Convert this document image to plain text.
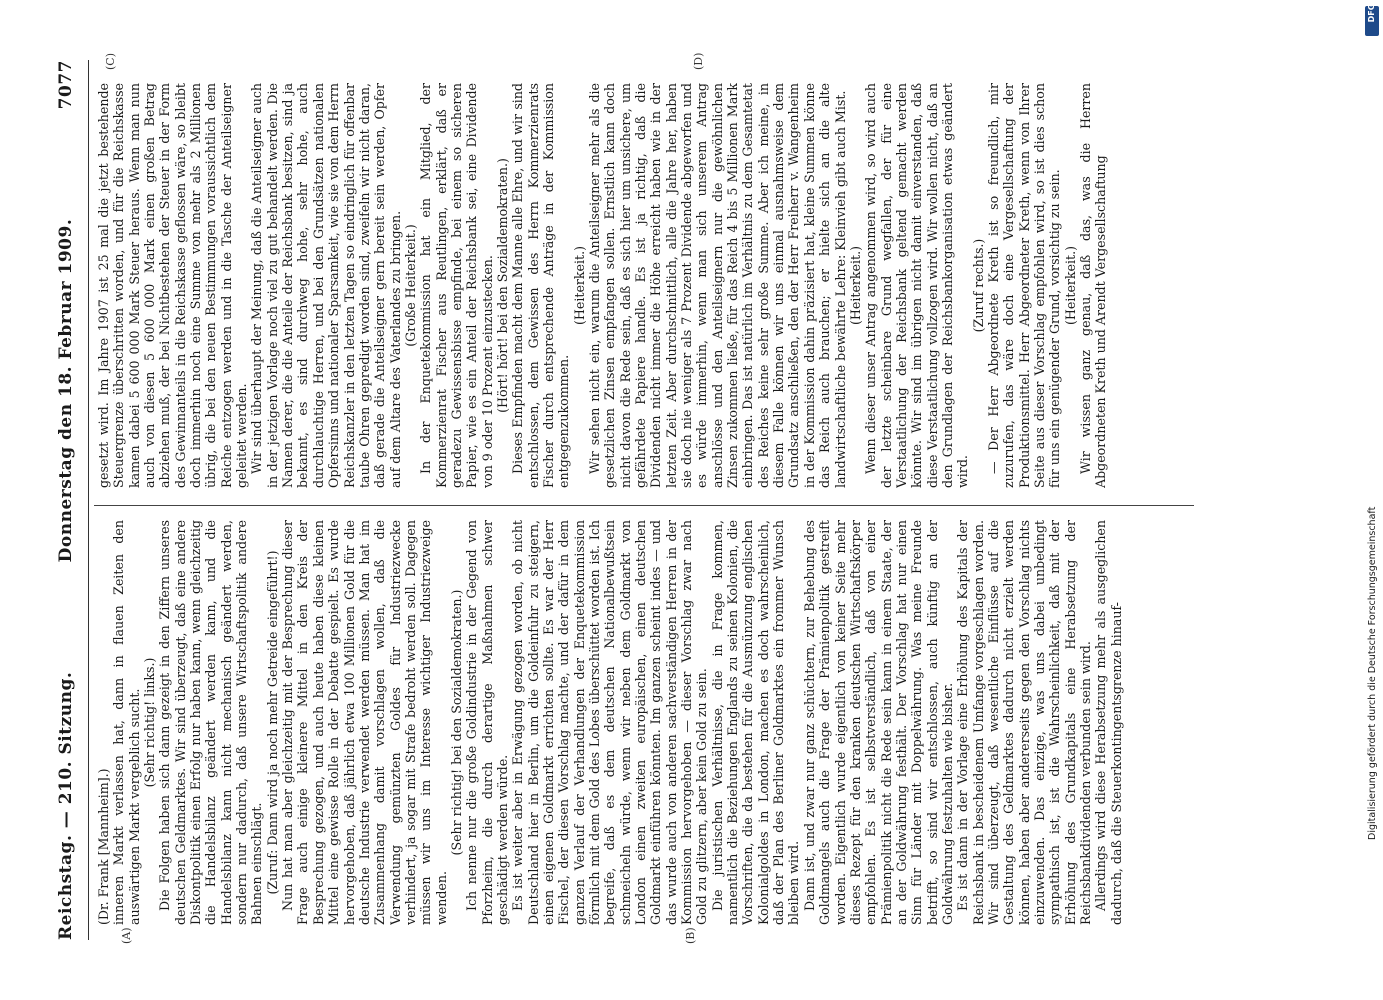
Reichstag. — 210. Sitzung.
Donnerstag den 18. Februar 1909.
7077
(A)	(B)
(C)	(D)

(Dr. Frank [Mannheim].) inneren Markt verlassen hat, dann in flauen Zeiten den auswärtigen Markt vergeblich sucht. (Sehr richtig! links.) Die Folgen haben sich dann gezeigt in den Ziffern unseres deutschen Geldmarktes. Wir sind überzeugt, daß eine andere Diskontpolitik einen Erfolg nur haben kann, wenn gleichzeitig die Handelsbilanz geändert werden kann, und die Handelsbilanz kann nicht mechanisch geändert werden, sondern nur dadurch, daß unsere Wirtschaftspolitik andere Bahnen einschlägt. (Zuruf: Dann wird ja noch mehr Getreide eingeführt!) Nun hat man aber gleichzeitig mit der Besprechung dieser Frage auch einige kleinere Mittel in den Kreis der Besprechung gezogen, und auch heute haben diese kleinen Mittel eine gewisse Rolle in der Debatte gespielt. Es wurde hervorgehoben, daß jährlich etwa 100 Millionen Gold für die deutsche Industrie verwendet werden müssen. Man hat im Zusammenhang damit vorschlagen wollen, daß die Verwendung gemünzten Goldes für Industriezwecke verhindert, ja sogar mit Strafe bedroht werden soll. Dagegen müssen wir uns im Interesse wichtiger Industriezweige wenden.

(Sehr richtig! bei den Sozialdemokraten.) Ich nenne nur die große Goldindustrie in der Gegend von Pforzheim, die durch derartige Maßnahmen schwer geschädigt werden würde. Es ist weiter aber in Erwägung gezogen worden, ob nicht Deutschland hier in Berlin, um die Goldeinfuhr zu steigern, einen eigenen Goldmarkt errichten sollte. Es war der Herr Fischel, der diesen Vorschlag machte, und der dafür in dem ganzen Verlauf der Verhandlungen der Enquetekommission förmlich mit dem Gold des Lobes überschüttet worden ist. Ich begreife, daß es dem deutschen Nationalbewußtsein schmeicheln würde, wenn wir neben dem Goldmarkt von London einen zweiten europäischen, einen deutschen Goldmarkt einführen könnten. Im ganzen scheint indes — und das wurde auch von anderen sachverständigen Herren in der Kommission hervorgehoben — dieser Vorschlag zwar nach Gold zu glitzern, aber kein Gold zu sein. Die juristischen Verhältnisse, die in Frage kommen, namentlich die Beziehungen Englands zu seinen Kolonien, die Vorschriften, die da bestehen für die Ausmünzung englischen Kolonialgoldes in London, machen es doch wahrscheinlich, daß der Plan des Berliner Goldmarktes ein frommer Wunsch bleiben wird. Dann ist, und zwar nur ganz schüchtern, zur Behebung des Goldmangels auch die Frage der Prämienpolitik gestreift worden. Eigentlich wurde eigentlich von keiner Seite mehr dieses Rezept für den kranken deutschen Wirtschaftskörper empfohlen. Es ist selbstverständlich, daß von einer Prämienpolitik nicht die Rede sein kann in einem Staate, der an der Goldwährung festhält. Der Vorschlag hat nur einen Sinn für Länder mit Doppelwährung. Was meine Freunde betrifft, so sind wir entschlossen, auch künftig an der Goldwährung festzuhalten wie bisher. Es ist dann in der Vorlage eine Erhöhung des Kapitals der Reichsbank in bescheidenem Umfange vorgeschlagen worden. Wir sind überzeugt, daß wesentliche Einflüsse auf die Gestaltung des Geldmarktes dadurch nicht erzielt werden können, haben aber andererseits gegen den Vorschlag nichts einzuwenden. Das einzige, was uns dabei unbedingt sympathisch ist, ist die Wahrscheinlichkeit, daß mit der Erhöhung des Grundkapitals eine Herabsetzung der Reichsbankdividenden verbunden sein wird. Allerdings wird diese Herabsetzung mehr als ausgeglichen dadurch, daß die Steuerkontingentsgrenze hinauf-

gesetzt wird. Im Jahre 1907 ist 25 mal die jetzt bestehende Steuergrenze überschritten worden, und für die Reichskasse kamen dabei 5 600 000 Mark Steuer heraus. Wenn man nun auch von diesen 5 600 000 Mark einen großen Betrag abziehen muß, der bei Nichtbestehen der Steuer in der Form des Gewinnanteils in die Reichskasse geflossen wäre, so bleibt doch immerhin noch eine Summe von mehr als 2 Millionen übrig, die bei den neuen Bestimmungen voraussichtlich dem Reiche entzogen werden und in die Tasche der Anteilseigner geleitet werden. Wir sind überhaupt der Meinung, daß die Anteilseigner auch in der jetzigen Vorlage noch viel zu gut behandelt werden. Die Namen derer, die die Anteile der Reichsbank besitzen, sind ja bekannt, es sind durchweg hohe, sehr hohe, auch durchlauchtige Herren, und bei den Grundsätzen nationalen Opfersinns und nationaler Sparsamkeit, wie sie von dem Herrn Reichskanzler in den letzten Tagen so eindringlich für offenbar taube Ohren gepredigt worden sind, zweifeln wir nicht daran, daß gerade die Anteilseigner gern bereit sein werden, Opfer auf dem Altare des Vaterlandes zu bringen. (Große Heiterkeit.) In der Enquetekommission hat ein Mitglied, der Kommerzienrat Fischer aus Reutlingen, erklärt, daß er geradezu Gewissensbisse empfinde, bei einem so sicheren Papier, wie es ein Anteil der Reichsbank sei, eine Dividende von 9 oder 10 Prozent einzustecken. (Hört! hört! bei den Sozialdemokraten.) Dieses Empfinden macht dem Manne alle Ehre, und wir sind entschlossen, dem Gewissen des Herrn Kommerzienrats Fischer durch entsprechende Anträge in der Kommission entgegenzukommen.

(Heiterkeit.) Wir sehen nicht ein, warum die Anteilseigner mehr als die gesetzlichen Zinsen empfangen sollen. Ernstlich kann doch nicht davon die Rede sein, daß es sich hier um unsichere, um gefährdete Papiere handle. Es ist ja richtig, daß die Dividenden nicht immer die Höhe erreicht haben wie in der letzten Zeit. Aber durchschnittlich, alle die Jahre her, haben sie doch nie weniger als 7 Prozent Dividende abgeworfen und es würde immerhin, wenn man sich unserem Antrag anschlösse und den Anteilseignern nur die gewöhnlichen Zinsen zukommen ließe, für das Reich 4 bis 5 Millionen Mark einbringen. Das ist natürlich im Verhältnis zu dem Gesamtetat des Reiches keine sehr große Summe. Aber ich meine, in diesem Falle können wir uns einmal ausnahmsweise dem Grundsatz anschließen, den der Herr Freiherr v. Wangenheim in der Kommission dahin präzisiert hat, kleine Summen könne das Reich auch brauchen; er hielte sich an die alte landwirtschaftliche bewährte Lehre: Kleinvieh gibt auch Mist. (Heiterkeit.) Wenn dieser unser Antrag angenommen wird, so wird auch der letzte scheinbare Grund wegfallen, der für eine Verstaatlichung der Reichsbank geltend gemacht werden könnte. Wir sind im übrigen nicht damit einverstanden, daß diese Verstaatlichung vollzogen wird. Wir wollen nicht, daß an den Grundlagen der Reichsbankorganisation etwas geändert wird.

(Zuruf rechts.) — Der Herr Abgeordnete Kreth ist so freundlich, mir zuzurufen, das wäre doch eine Vergesellschaftung der Produktionsmittel. Herr Abgeordneter Kreth, wenn von Ihrer Seite aus dieser Vorschlag empfohlen wird, so ist dies schon für uns ein genügender Grund, vorsichtig zu sein. (Heiterkeit.) Wir wissen ganz genau, daß das, was die Herren Abgeordneten Kreth und Arendt Vergesellschaftung

DFG
Digitalisierung gefördert durch die Deutsche Forschungsgemeinschaft
